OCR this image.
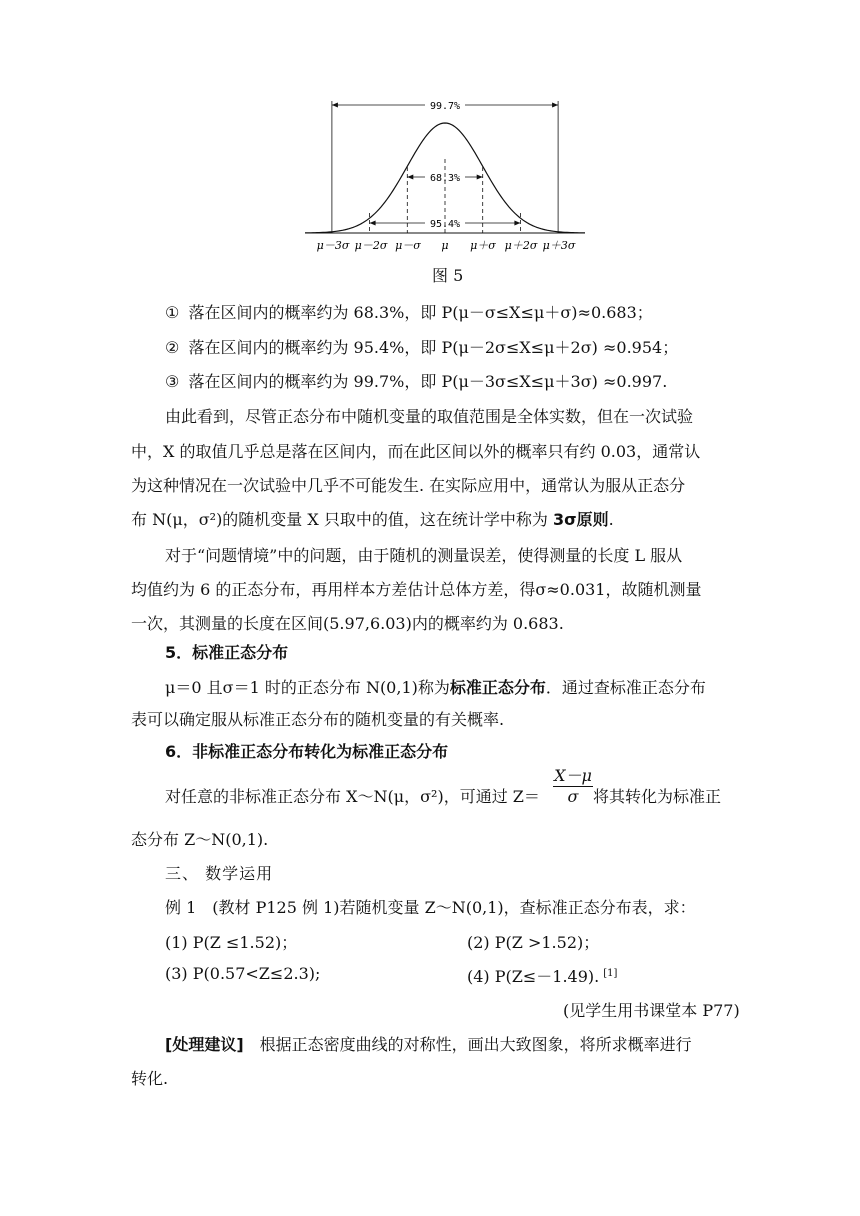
99.7%
68.3%
95.4%
μ－3σ μ－2σ μ－σ μ μ＋σ μ＋2σ μ＋3σ
图 5
① 落在区间内的概率约为 68.3%，即 P(μ－σ≤X≤μ＋σ)≈0.683；
② 落在区间内的概率约为 95.4%，即 P(μ－2σ≤X≤μ＋2σ) ≈0.954；
③ 落在区间内的概率约为 99.7%，即 P(μ－3σ≤X≤μ＋3σ) ≈0.997.
由此看到，尽管正态分布中随机变量的取值范围是全体实数，但在一次试验
中，X 的取值几乎总是落在区间内，而在此区间以外的概率只有约 0.03，通常认
为这种情况在一次试验中几乎不可能发生. 在实际应用中，通常认为服从正态分
布 N(μ，σ²)的随机变量 X 只取中的值，这在统计学中称为 3σ原则.
对于“问题情境”中的问题，由于随机的测量误差，使得测量的长度 L 服从
均值约为 6 的正态分布，再用样本方差估计总体方差，得σ≈0.031，故随机测量
一次，其测量的长度在区间(5.97,6.03)内的概率约为 0.683.
5．标准正态分布
μ＝0 且σ＝1 时的正态分布 N(0,1)称为标准正态分布．通过查标准正态分布
表可以确定服从标准正态分布的随机变量的有关概率.
6．非标准正态分布转化为标准正态分布
对任意的非标准正态分布 X～N(μ，σ²)，可通过 $Z= \frac{X-\mu}{\sigma}$ 将其转化为标准正
态分布 Z～N(0,1).
三、 数学运用
例 1　(教材 P125 例 1)若随机变量 Z～N(0,1)，查标准正态分布表，求：
(1) P(Z ≤1.52)；	(2) P(Z >1.52)；
(3) P(0.57<Z≤2.3);	(4) P(Z≤－1.49). [1]
(见学生用书课堂本 P77)
[处理建议]　根据正态密度曲线的对称性，画出大致图象，将所求概率进行
转化.
